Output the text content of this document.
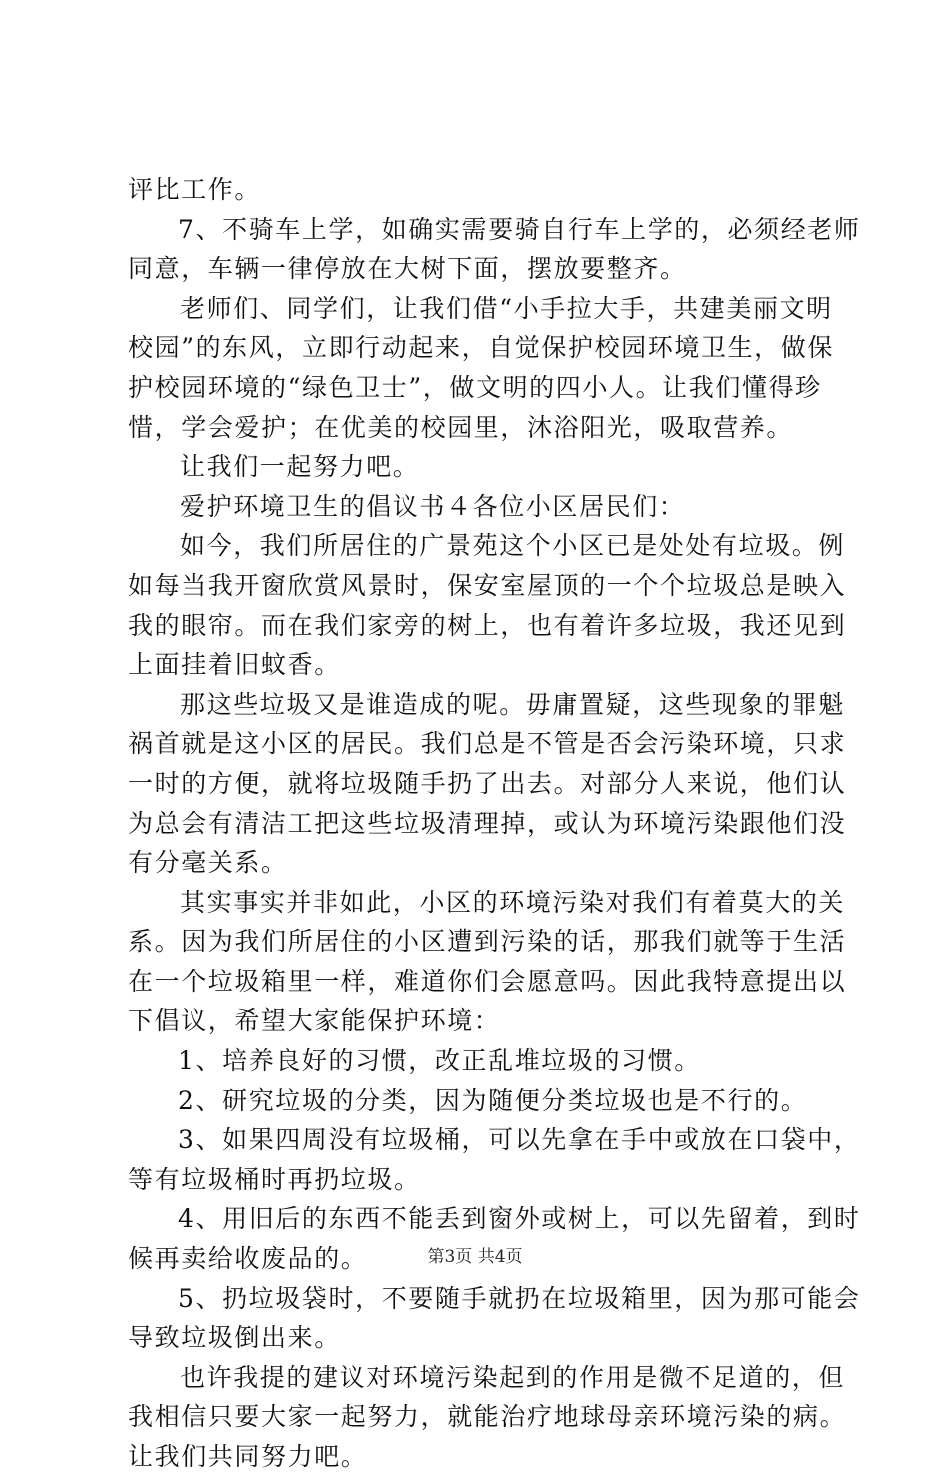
评比工作。
7、不骑车上学，如确实需要骑自行车上学的，必须经老师
同意，车辆一律停放在大树下面，摆放要整齐。
老师们、同学们，让我们借“小手拉大手，共建美丽文明
校园”的东风，立即行动起来，自觉保护校园环境卫生，做保
护校园环境的“绿色卫士”，做文明的四小人。让我们懂得珍
惜，学会爱护；在优美的校园里，沐浴阳光，吸取营养。
让我们一起努力吧。
爱护环境卫生的倡议书４各位小区居民们：
如今，我们所居住的广景苑这个小区已是处处有垃圾。例
如每当我开窗欣赏风景时，保安室屋顶的一个个垃圾总是映入
我的眼帘。而在我们家旁的树上，也有着许多垃圾，我还见到
上面挂着旧蚊香。
那这些垃圾又是谁造成的呢。毋庸置疑，这些现象的罪魁
祸首就是这小区的居民。我们总是不管是否会污染环境，只求
一时的方便，就将垃圾随手扔了出去。对部分人来说，他们认
为总会有清洁工把这些垃圾清理掉，或认为环境污染跟他们没
有分毫关系。
其实事实并非如此，小区的环境污染对我们有着莫大的关
系。因为我们所居住的小区遭到污染的话，那我们就等于生活
在一个垃圾箱里一样，难道你们会愿意吗。因此我特意提出以
下倡议，希望大家能保护环境：
1、培养良好的习惯，改正乱堆垃圾的习惯。
2、研究垃圾的分类，因为随便分类垃圾也是不行的。
3、如果四周没有垃圾桶，可以先拿在手中或放在口袋中，
等有垃圾桶时再扔垃圾。
4、用旧后的东西不能丢到窗外或树上，可以先留着，到时
候再卖给收废品的。
5、扔垃圾袋时，不要随手就扔在垃圾箱里，因为那可能会
导致垃圾倒出来。
也许我提的建议对环境污染起到的作用是微不足道的，但
我相信只要大家一起努力，就能治疗地球母亲环境污染的病。
让我们共同努力吧。
第3页 共4页
